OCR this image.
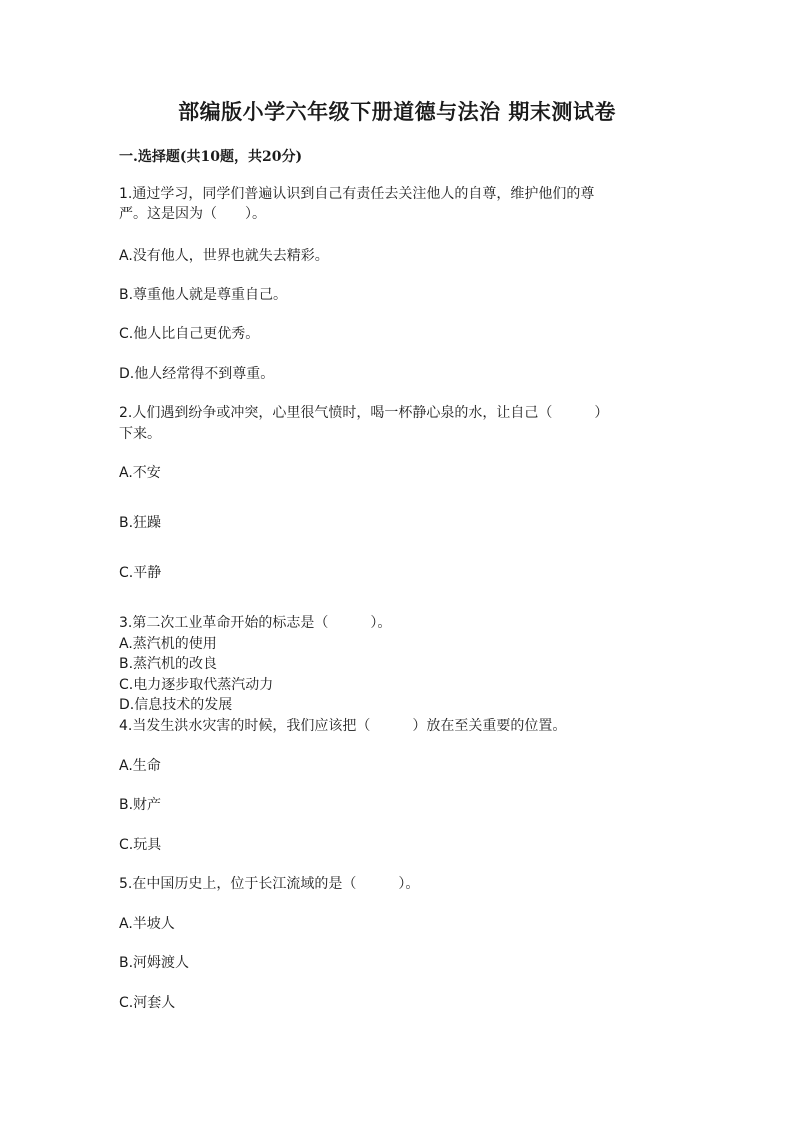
部编版小学六年级下册道德与法治 期末测试卷
一.选择题(共10题，共20分)
1.通过学习，同学们普遍认识到自己有责任去关注他人的自尊，维护他们的尊
严。这是因为（　　）。
A.没有他人，世界也就失去精彩。
B.尊重他人就是尊重自己。
C.他人比自己更优秀。
D.他人经常得不到尊重。
2.人们遇到纷争或冲突，心里很气愤时，喝一杯静心泉的水，让自己（　　　）
下来。
A.不安
B.狂躁
C.平静
3.第二次工业革命开始的标志是（　　　）。
A.蒸汽机的使用
B.蒸汽机的改良
C.电力逐步取代蒸汽动力
D.信息技术的发展
4.当发生洪水灾害的时候，我们应该把（　　　）放在至关重要的位置。
A.生命
B.财产
C.玩具
5.在中国历史上，位于长江流域的是（　　　）。
A.半坡人
B.河姆渡人
C.河套人
